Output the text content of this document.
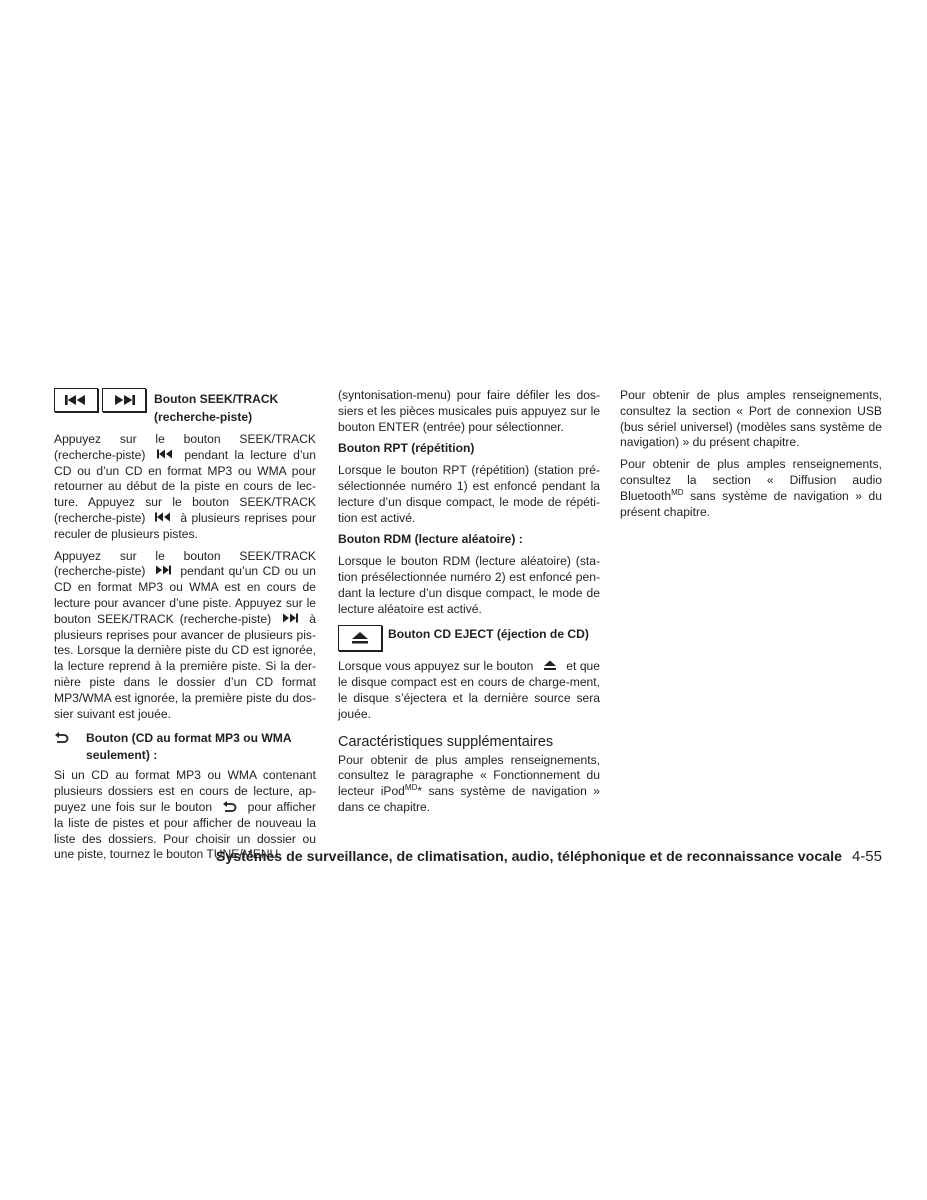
Bouton SEEK/TRACK
(recherche-piste)

Appuyez sur le bouton SEEK/TRACK (recherche-piste)	pendant la lecture d’un CD ou d’un CD en format MP3 ou WMA pour retourner au début de la piste en cours de lec-ture. Appuyez sur le bouton SEEK/TRACK (recherche-piste)	à plusieurs reprises pour reculer de plusieurs pistes.

Appuyez sur le bouton SEEK/TRACK (recherche-piste)	pendant qu’un CD ou un CD en format MP3 ou WMA est en cours de lecture pour avancer d’une piste. Appuyez sur le bouton SEEK/TRACK (recherche-piste)	à plusieurs reprises pour avancer de plusieurs pis-tes. Lorsque la dernière piste du CD est ignorée, la lecture reprend à la première piste. Si la der-nière piste dans le dossier d’un CD format MP3/WMA est ignorée, la première piste du dos-sier suivant est jouée.

Bouton (CD au format MP3 ou WMA seulement) :

Si un CD au format MP3 ou WMA contenant plusieurs dossiers est en cours de lecture, ap-puyez une fois sur le bouton	pour afficher la liste de pistes et pour afficher de nouveau la liste des dossiers. Pour choisir un dossier ou une piste, tournez le bouton TUNE/MENU

(syntonisation-menu) pour faire défiler les dos-siers et les pièces musicales puis appuyez sur le bouton ENTER (entrée) pour sélectionner.

Bouton RPT (répétition)

Lorsque le bouton RPT (répétition) (station pré-sélectionnée numéro 1) est enfoncé pendant la lecture d’un disque compact, le mode de répéti-tion est activé.

Bouton RDM (lecture aléatoire) :

Lorsque le bouton RDM (lecture aléatoire) (sta-tion présélectionnée numéro 2) est enfoncé pen-dant la lecture d’un disque compact, le mode de lecture aléatoire est activé.

Bouton CD EJECT (éjection de CD)

Lorsque vous appuyez sur le bouton	et que le disque compact est en cours de charge-ment, le disque s’éjectera et la dernière source sera jouée.

Caractéristiques supplémentaires

Pour obtenir de plus amples renseignements, consultez le paragraphe « Fonctionnement du lecteur iPod$^{MD}$* sans système de navigation » dans ce chapitre.

Pour obtenir de plus amples renseignements, consultez la section « Port de connexion USB (bus sériel universel) (modèles sans système de navigation) » du présent chapitre.

Pour obtenir de plus amples renseignements, consultez la section « Diffusion audio Bluetooth$^{MD}$ sans système de navigation » du présent chapitre.

Systèmes de surveillance, de climatisation, audio, téléphonique et de reconnaissance vocale 4-55
